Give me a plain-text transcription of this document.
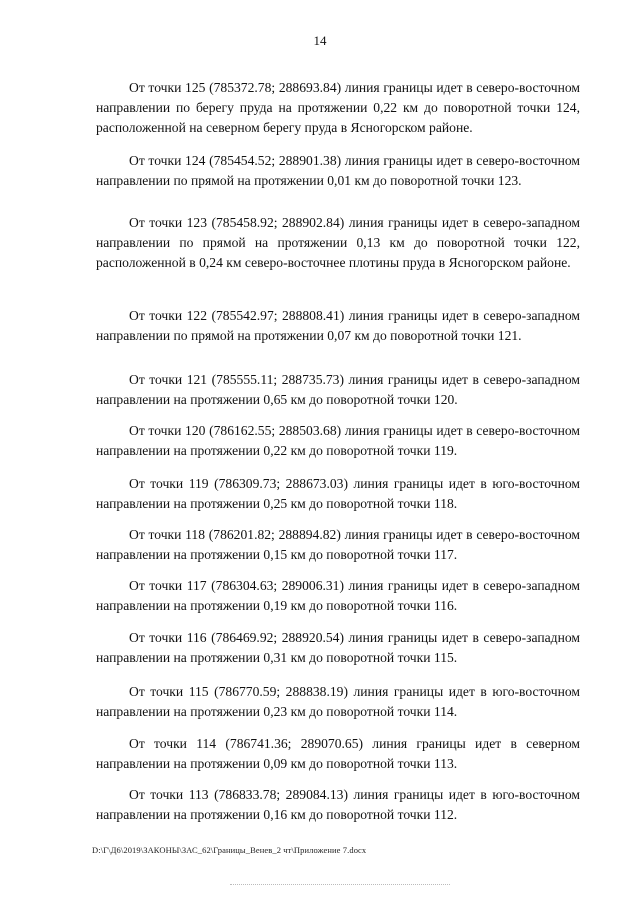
14

От точки 125 (785372.78; 288693.84) линия границы идет в северо-восточном направлении по берегу пруда на протяжении 0,22 км до поворотной точки 124, расположенной на северном берегу пруда в Ясногорском районе.

От точки 124 (785454.52; 288901.38) линия границы идет в северо-восточном направлении по прямой на протяжении 0,01 км до поворотной точки 123.

От точки 123 (785458.92; 288902.84) линия границы идет в северо-западном направлении по прямой на протяжении 0,13 км до поворотной точки 122, расположенной в 0,24 км северо-восточнее плотины пруда в Ясногорском районе.

От точки 122 (785542.97; 288808.41) линия границы идет в северо-западном направлении по прямой на протяжении 0,07 км до поворотной точки 121.

От точки 121 (785555.11; 288735.73) линия границы идет в северо-западном направлении на протяжении 0,65 км до поворотной точки 120.

От точки 120 (786162.55; 288503.68) линия границы идет в северо-восточном направлении на протяжении 0,22 км до поворотной точки 119.

От точки 119 (786309.73; 288673.03) линия границы идет в юго-восточном направлении на протяжении 0,25 км до поворотной точки 118.

От точки 118 (786201.82; 288894.82) линия границы идет в северо-восточном направлении на протяжении 0,15 км до поворотной точки 117.

От точки 117 (786304.63; 289006.31) линия границы идет в северо-западном направлении на протяжении 0,19 км до поворотной точки 116.

От точки 116 (786469.92; 288920.54) линия границы идет в северо-западном направлении на протяжении 0,31 км до поворотной точки 115.

От точки 115 (786770.59; 288838.19) линия границы идет в юго-восточном направлении на протяжении 0,23 км до поворотной точки 114.

От точки 114 (786741.36; 289070.65) линия границы идет в северном направлении на протяжении 0,09 км до поворотной точки 113.

От точки 113 (786833.78; 289084.13) линия границы идет в юго-восточном направлении на протяжении 0,16 км до поворотной точки 112.

D:\Г\Д6\2019\ЗАКОНЫ\ЗАС_62\Границы_Венев_2 чт\Приложение 7.docx
